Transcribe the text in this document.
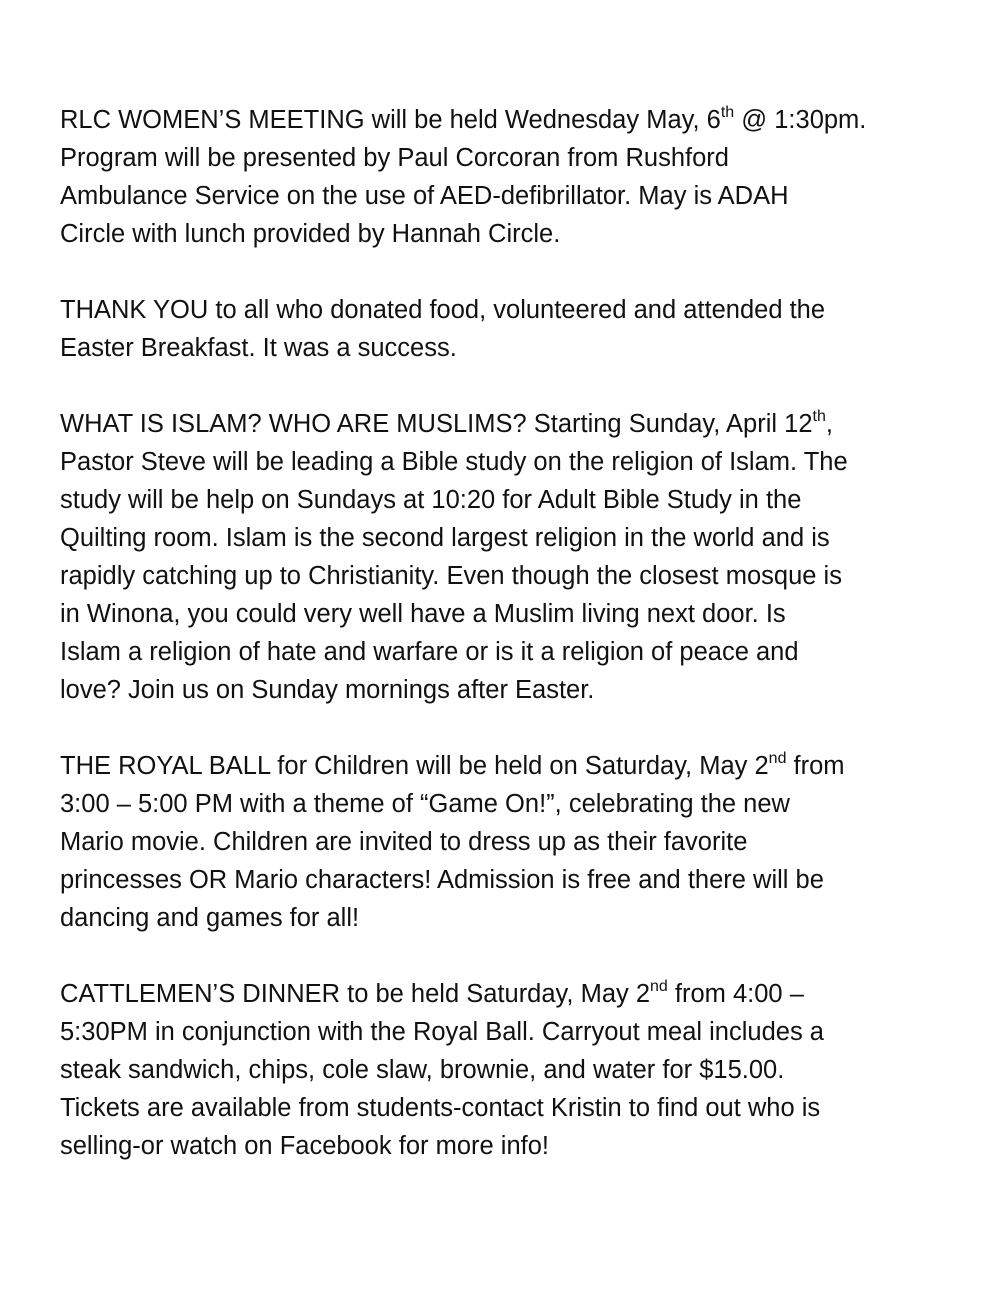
RLC WOMEN’S MEETING will be held Wednesday May, 6th @ 1:30pm.
Program will be presented by Paul Corcoran from Rushford
Ambulance Service on the use of AED-defibrillator. May is ADAH
Circle with lunch provided by Hannah Circle.
THANK YOU to all who donated food, volunteered and attended the
Easter Breakfast. It was a success.
WHAT IS ISLAM? WHO ARE MUSLIMS? Starting Sunday, April 12th,
Pastor Steve will be leading a Bible study on the religion of Islam. The
study will be help on Sundays at 10:20 for Adult Bible Study in the
Quilting room. Islam is the second largest religion in the world and is
rapidly catching up to Christianity. Even though the closest mosque is
in Winona, you could very well have a Muslim living next door. Is
Islam a religion of hate and warfare or is it a religion of peace and
love? Join us on Sunday mornings after Easter.
THE ROYAL BALL for Children will be held on Saturday, May 2nd from
3:00 – 5:00 PM with a theme of “Game On!”, celebrating the new
Mario movie. Children are invited to dress up as their favorite
princesses OR Mario characters! Admission is free and there will be
dancing and games for all!
CATTLEMEN’S DINNER to be held Saturday, May 2nd from 4:00 –
5:30PM in conjunction with the Royal Ball. Carryout meal includes a
steak sandwich, chips, cole slaw, brownie, and water for $15.00.
Tickets are available from students-contact Kristin to find out who is
selling-or watch on Facebook for more info!
